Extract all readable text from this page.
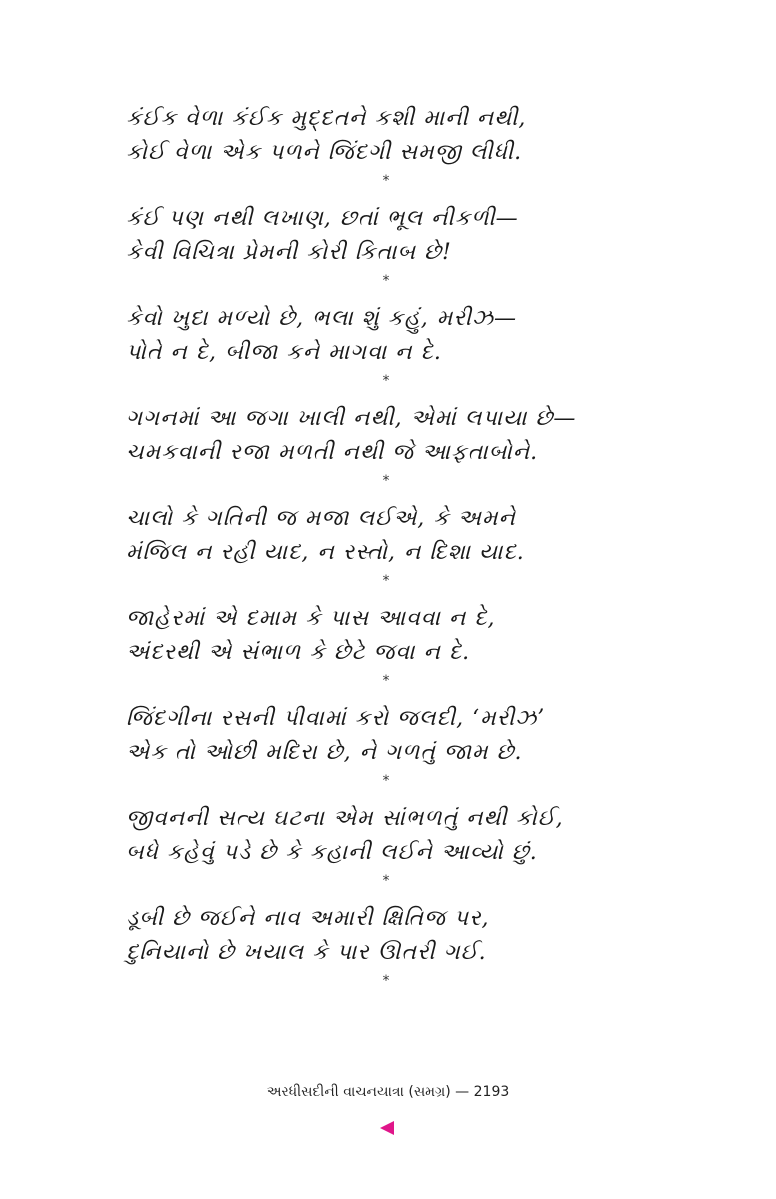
કંઈક વેળા કંઈક મુદ્દતને કશી માની નથી,
કોઈ વેળા એક પળને જિંદગી સમજી લીધી.
*
કંઈ પણ નથી લખાણ, છતાં ભૂલ નીકળી—
કેવી વિચિત્રા પ્રેમની કોરી કિતાબ છે!
*
કેવો ખુદા મળ્યો છે, ભલા શું કહું, મરીઝ—
પોતે ન દે, બીજા કને માગવા ન દે.
*
ગગનમાં આ જગા ખાલી નથી, એમાં લપાયા છે—
ચમકવાની રજા મળતી નથી જે આફતાબોને.
*
ચાલો કે ગતિની જ મજા લઈએ, કે અમને
મંજિલ ન રહી યાદ, ન રસ્તો, ન દિશા યાદ.
*
જાહેરમાં એ દમામ કે પાસ આવવા ન દે,
અંદરથી એ સંભાળ કે છેટે જવા ન દે.
*
જિંદગીના રસની પીવામાં કરો જલદી, ‘મરીઝ’
એક તો ઓછી મદિરા છે, ને ગળતું જામ છે.
*
જીવનની સત્ય ઘટના એમ સાંભળતું નથી કોઈ,
બધે કહેવું પડે છે કે કહાની લઈને આવ્યો છું.
*
ડૂબી છે જઈને નાવ અમારી ક્ષિતિજ પર,
દુનિયાનો છે ખયાલ કે પાર ઊતરી ગઈ.
*
અરધીસદીની વાચનયાત્રા (સમગ્ર) — 2193
